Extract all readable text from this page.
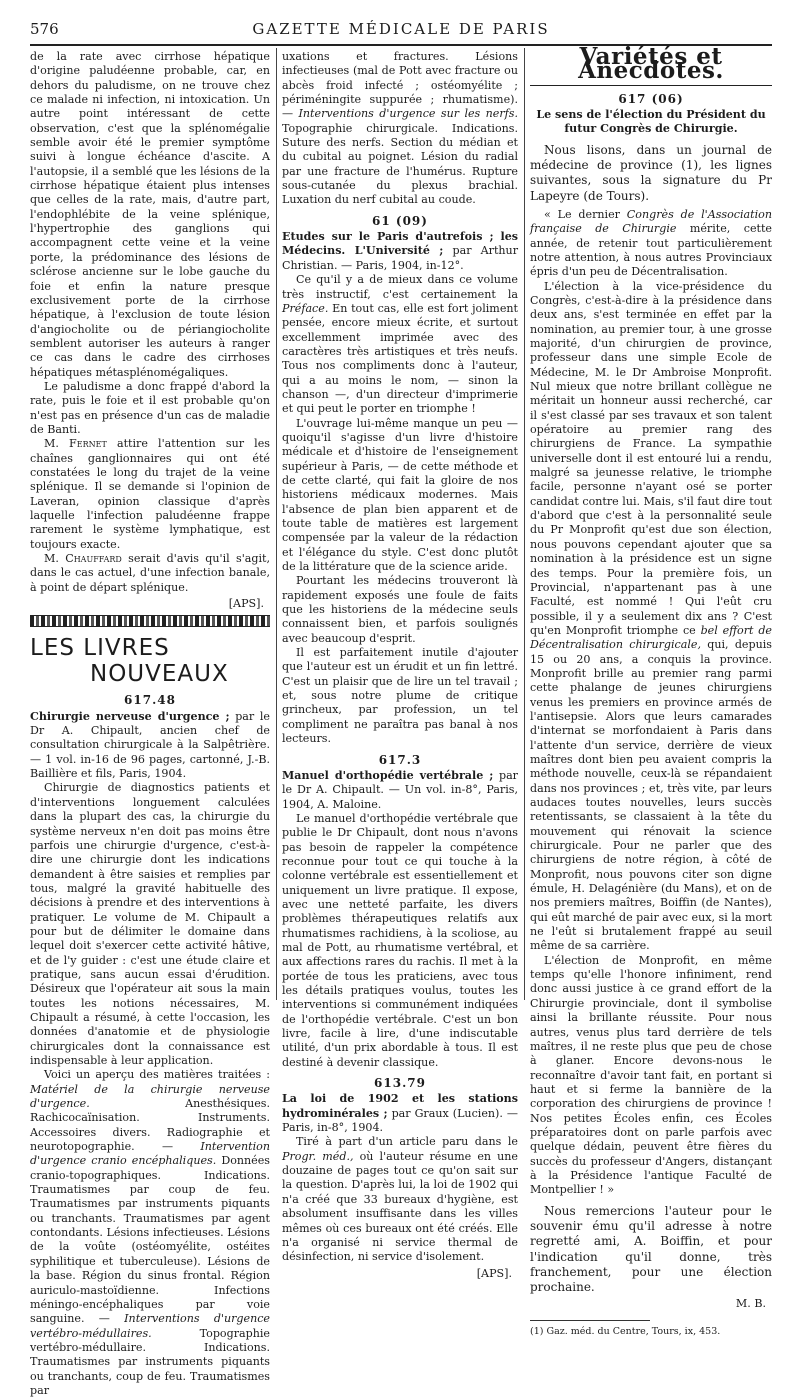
576	GAZETTE MÉDICALE DE PARIS

de la rate avec cirrhose hépatique d'origine paludéenne probable, car, en dehors du paludisme, on ne trouve chez ce malade ni infection, ni intoxication. Un autre point intéressant de cette observation, c'est que la splénomégalie semble avoir été le premier symptôme suivi à longue échéance d'ascite. A l'autopsie, il a semblé que les lésions de la cirrhose hépatique étaient plus intenses que celles de la rate, mais, d'autre part, l'endophlébite de la veine splénique, l'hypertrophie des ganglions qui accompagnent cette veine et la veine porte, la prédominance des lésions de sclérose ancienne sur le lobe gauche du foie et enfin la nature presque exclusivement porte de la cirrhose hépatique, à l'exclusion de toute lésion d'angiocholite ou de périangiocholite semblent autoriser les auteurs à ranger ce cas dans le cadre des cirrhoses hépatiques métasplénomégaliques.

Le paludisme a donc frappé d'abord la rate, puis le foie et il est probable qu'on n'est pas en présence d'un cas de maladie de Banti.

M. Fernet attire l'attention sur les chaînes ganglionnaires qui ont été constatées le long du trajet de la veine splénique. Il se demande si l'opinion de Laveran, opinion classique d'après laquelle l'infection paludéenne frappe rarement le système lymphatique, est toujours exacte.

M. Chauffard serait d'avis qu'il s'agit, dans le cas actuel, d'une infection banale, à point de départ splénique.

[APS].

LES LIVRES
NOUVEAUX
617.48

Chirurgie nerveuse d'urgence ; par le Dr A. Chipault, ancien chef de consultation chirurgicale à la Salpêtrière. — 1 vol. in-16 de 96 pages, cartonné, J.-B. Baillière et fils, Paris, 1904.

Chirurgie de diagnostics patients et d'interventions longuement calculées dans la plupart des cas, la chirurgie du système nerveux n'en doit pas moins être parfois une chirurgie d'urgence, c'est-à-dire une chirurgie dont les indications demandent à être saisies et remplies par tous, malgré la gravité habituelle des décisions à prendre et des interventions à pratiquer. Le volume de M. Chipault a pour but de délimiter le domaine dans lequel doit s'exercer cette activité hâtive, et de l'y guider : c'est une étude claire et pratique, sans aucun essai d'érudition. Désireux que l'opérateur ait sous la main toutes les notions nécessaires, M. Chipault a résumé, à cette l'occasion, les données d'anatomie et de physiologie chirurgicales dont la connaissance est indispensable à leur application.

Voici un aperçu des matières traitées : Matériel de la chirurgie nerveuse d'urgence.	Anesthésiques. Rachicocaïnisation. Instruments. Accessoires divers. Radiographie et neurotopographie. — Intervention d'urgence cranio encéphaliques. Données cranio-topographiques. Indications. Traumatismes par coup de feu. Traumatismes par instruments piquants ou tranchants. Traumatismes par agent contondants. Lésions infectieuses. Lésions de la voûte (ostéomyélite, ostéites syphilitique et tuberculeuse). Lésions de la base. Région du sinus frontal. Région auriculo-mastoïdienne. Infections méningo-encéphaliques par voie sanguine. — Interventions d'urgence vertébro-médullaires.	Topographie vertébro-médullaire. Indications. Traumatismes par instruments piquants ou tranchants, coup de feu. Traumatismes par

uxations et fractures. Lésions infectieuses (mal de Pott avec fracture ou abcès froid infecté ; ostéomyélite ; périméningite suppurée ; rhumatisme). — Interventions d'urgence sur les nerfs. Topographie chirurgicale. Indications. Suture des nerfs. Section du médian et du cubital au poignet. Lésion du radial par une fracture de l'humérus. Rupture sous-cutanée du plexus brachial. Luxation du nerf cubital au coude.

61 (09)

Etudes sur le Paris d'autrefois ; les Médecins. L'Université ; par Arthur Christian. — Paris, 1904, in-12°.

Ce qu'il y a de mieux dans ce volume très instructif, c'est certainement la Préface. En tout cas, elle est fort joliment pensée, encore mieux écrite, et surtout excellemment imprimée avec des caractères très artistiques et très neufs. Tous nos compliments donc à l'auteur, qui a au moins le nom, — sinon la chanson —, d'un directeur d'imprimerie et qui peut le porter en triomphe !

L'ouvrage lui-même manque un peu — quoiqu'il s'agisse d'un livre d'histoire médicale et d'histoire de l'enseignement supérieur à Paris, — de cette méthode et de cette clarté, qui fait la gloire de nos historiens médicaux modernes. Mais l'absence de plan bien apparent et de toute table de matières est largement compensée par la valeur de la rédaction et l'élégance du style. C'est donc plutôt de la littérature que de la science aride.

Pourtant les médecins trouveront là rapidement exposés une foule de faits que les historiens de la médecine seuls connaissent bien, et parfois soulignés avec beaucoup d'esprit.

Il est parfaitement inutile d'ajouter que l'auteur est un érudit et un fin lettré. C'est un plaisir que de lire un tel travail ; et, sous notre plume de critique grincheux, par profession, un tel compliment ne paraîtra pas banal à nos lecteurs.

617.3

Manuel d'orthopédie vertébrale ; par le Dr A. Chipault. — Un vol. in-8°, Paris, 1904, A. Maloine.

Le manuel d'orthopédie vertébrale que publie le Dr Chipault, dont nous n'avons pas besoin de rappeler la compétence reconnue pour tout ce qui touche à la colonne vertébrale est essentiellement et uniquement un livre pratique. Il expose, avec une netteté parfaite, les divers problèmes thérapeutiques relatifs aux rhumatismes rachidiens, à la scoliose, au mal de Pott, au rhumatisme vertébral, et aux affections rares du rachis. Il met à la portée de tous les praticiens, avec tous les détails pratiques voulus, toutes les interventions si communément indiquées de l'orthopédie vertébrale. C'est un bon livre, facile à lire, d'une indiscutable utilité, d'un prix abordable à tous. Il est destiné à devenir classique.

613.79

La loi de 1902 et les stations hydrominérales ; par Graux (Lucien). — Paris, in-8°, 1904.

Tiré à part d'un article paru dans le Progr. méd., où l'auteur résume en une douzaine de pages tout ce qu'on sait sur la question. D'après lui, la loi de 1902 qui n'a créé que 33 bureaux d'hygiène, est absolument insuffisante dans les villes mêmes où ces bureaux ont été créés. Elle n'a organisé ni service thermal de désinfection, ni service d'isolement.

[APS].

Variétés et Anecdotes.
617 (06)

Le sens de l'élection du Président du futur Congrès de Chirurgie.

Nous lisons, dans un journal de médecine de province (1), les lignes suivantes, sous la signature du Pr Lapeyre (de Tours).

« Le dernier Congrès de l'Association française de Chirurgie mérite, cette année, de retenir tout particulièrement notre attention, à nous autres Provinciaux épris d'un peu de Décentralisation.

L'élection à la vice-présidence du Congrès, c'est-à-dire à la présidence dans deux ans, s'est terminée en effet par la nomination, au premier tour, à une grosse majorité, d'un chirurgien de province, professeur dans une simple Ecole de Médecine, M. le Dr Ambroise Monprofit. Nul mieux que notre brillant collègue ne méritait un honneur aussi recherché, car il s'est classé par ses travaux et son talent opératoire au premier rang des chirurgiens de France. La sympathie universelle dont il est entouré lui a rendu, malgré sa jeunesse relative, le triomphe facile, personne n'ayant osé se porter candidat contre lui. Mais, s'il faut dire tout d'abord que c'est à la personnalité seule du Pr Monprofit qu'est due son élection, nous pouvons cependant ajouter que sa nomination à la présidence est un signe des temps. Pour la première fois, un Provincial, n'appartenant pas à une Faculté, est nommé ! Qui l'eût cru possible, il y a seulement dix ans ? C'est qu'en Monprofit triomphe ce bel effort de Décentralisation chirurgicale, qui, depuis 15 ou 20 ans, a conquis la province. Monprofit brille au premier rang parmi cette phalange de jeunes chirurgiens venus les premiers en province armés de l'antisepsie. Alors que leurs camarades d'internat se morfondaient à Paris dans l'attente d'un service, derrière de vieux maîtres dont bien peu avaient compris la méthode nouvelle, ceux-là se répandaient dans nos provinces ; et, très vite, par leurs audaces toutes nouvelles, leurs succès retentissants, se classaient à la tête du mouvement qui rénovait la science chirurgicale. Pour ne parler que des chirurgiens de notre région, à côté de Monprofit, nous pouvons citer son digne émule, H. Delagénière (du Mans), et on de nos premiers maîtres, Boiffin (de Nantes), qui eût marché de pair avec eux, si la mort ne l'eût si brutalement frappé au seuil même de sa carrière.

L'élection de Monprofit, en même temps qu'elle l'honore infiniment, rend donc aussi justice à ce grand effort de la Chirurgie provinciale, dont il symbolise ainsi la brillante réussite. Pour nous autres, venus plus tard derrière de tels maîtres, il ne reste plus que peu de chose à glaner. Encore devons-nous le reconnaître d'avoir tant fait, en portant si haut et si ferme la bannière de la corporation des chirurgiens de province ! Nos petites Écoles enfin, ces Écoles préparatoires dont on parle parfois avec quelque dédain, peuvent être fières du succès du professeur d'Angers, distançant à la Présidence l'antique Faculté de Montpellier ! »

Nous remercions l'auteur pour le souvenir ému qu'il adresse à notre regretté ami, A. Boiffin, et pour l'indication qu'il donne, très franchement, pour une élection prochaine.

M. B.

(1) Gaz. méd. du Centre, Tours, ix, 453.
